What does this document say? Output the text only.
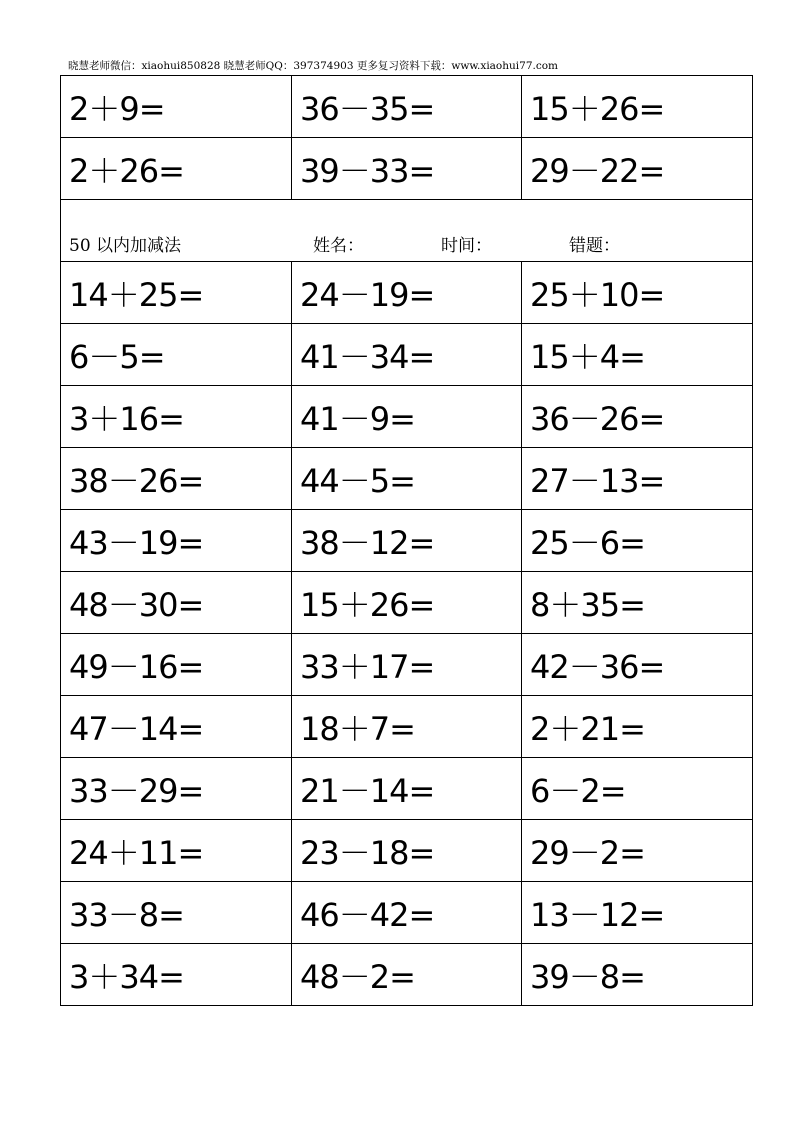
晓慧老师微信：xiaohui850828 晓慧老师QQ：397374903 更多复习资料下载：www.xiaohui77.com
2＋9=	36－35=	15＋26=
2＋26=	39－33=	29－22=

50 以内加减法 姓名： 时间： 错题：		

14＋25=	24－19=	25＋10=
6－5=	41－34=	15＋4=
3＋16=	41－9=	36－26=
38－26=	44－5=	27－13=
43－19=	38－12=	25－6=
48－30=	15＋26=	8＋35=
49－16=	33＋17=	42－36=
47－14=	18＋7=	2＋21=
33－29=	21－14=	6－2=
24＋11=	23－18=	29－2=
33－8=	46－42=	13－12=
3＋34=	48－2=	39－8=
